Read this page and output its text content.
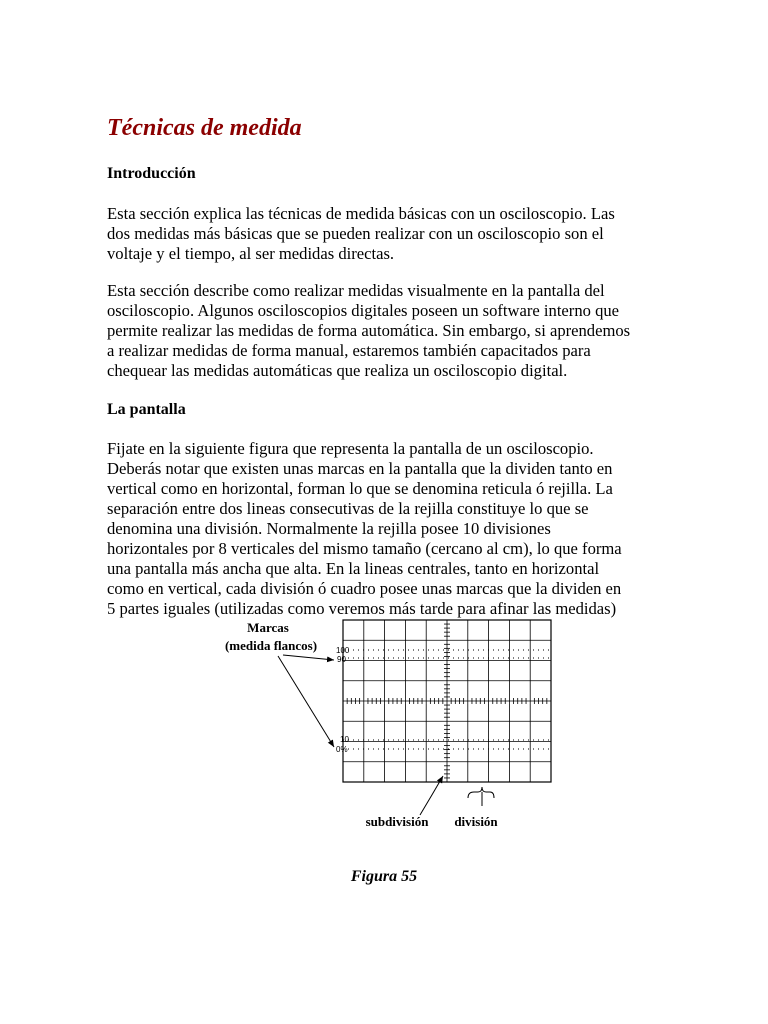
Técnicas de medida
Introducción

Esta sección explica las técnicas de medida básicas con un osciloscopio. Las
dos medidas más básicas que se pueden realizar con un osciloscopio son el
voltaje y el tiempo, al ser medidas directas.

Esta sección describe como realizar medidas visualmente en la pantalla del
osciloscopio. Algunos osciloscopios digitales poseen un software interno que
permite realizar las medidas de forma automática. Sin embargo, si aprendemos
a realizar medidas de forma manual, estaremos también capacitados para
chequear las medidas automáticas que realiza un osciloscopio digital.

La pantalla

Fijate en la siguiente figura que representa la pantalla de un osciloscopio.
Deberás notar que existen unas marcas en la pantalla que la dividen tanto en
vertical como en horizontal, forman lo que se denomina reticula ó rejilla. La
separación entre dos lineas consecutivas de la rejilla constituye lo que se
denomina una división. Normalmente la rejilla posee 10 divisiones
horizontales por 8 verticales del mismo tamaño (cercano al cm), lo que forma
una pantalla más ancha que alta. En la lineas centrales, tanto en horizontal
como en vertical, cada división ó cuadro posee unas marcas que la dividen en
5 partes iguales (utilizadas como veremos más tarde para afinar las medidas)

Marcas
(medida flancos) 100
90
10
0%
subdivisión división
Figura 55
